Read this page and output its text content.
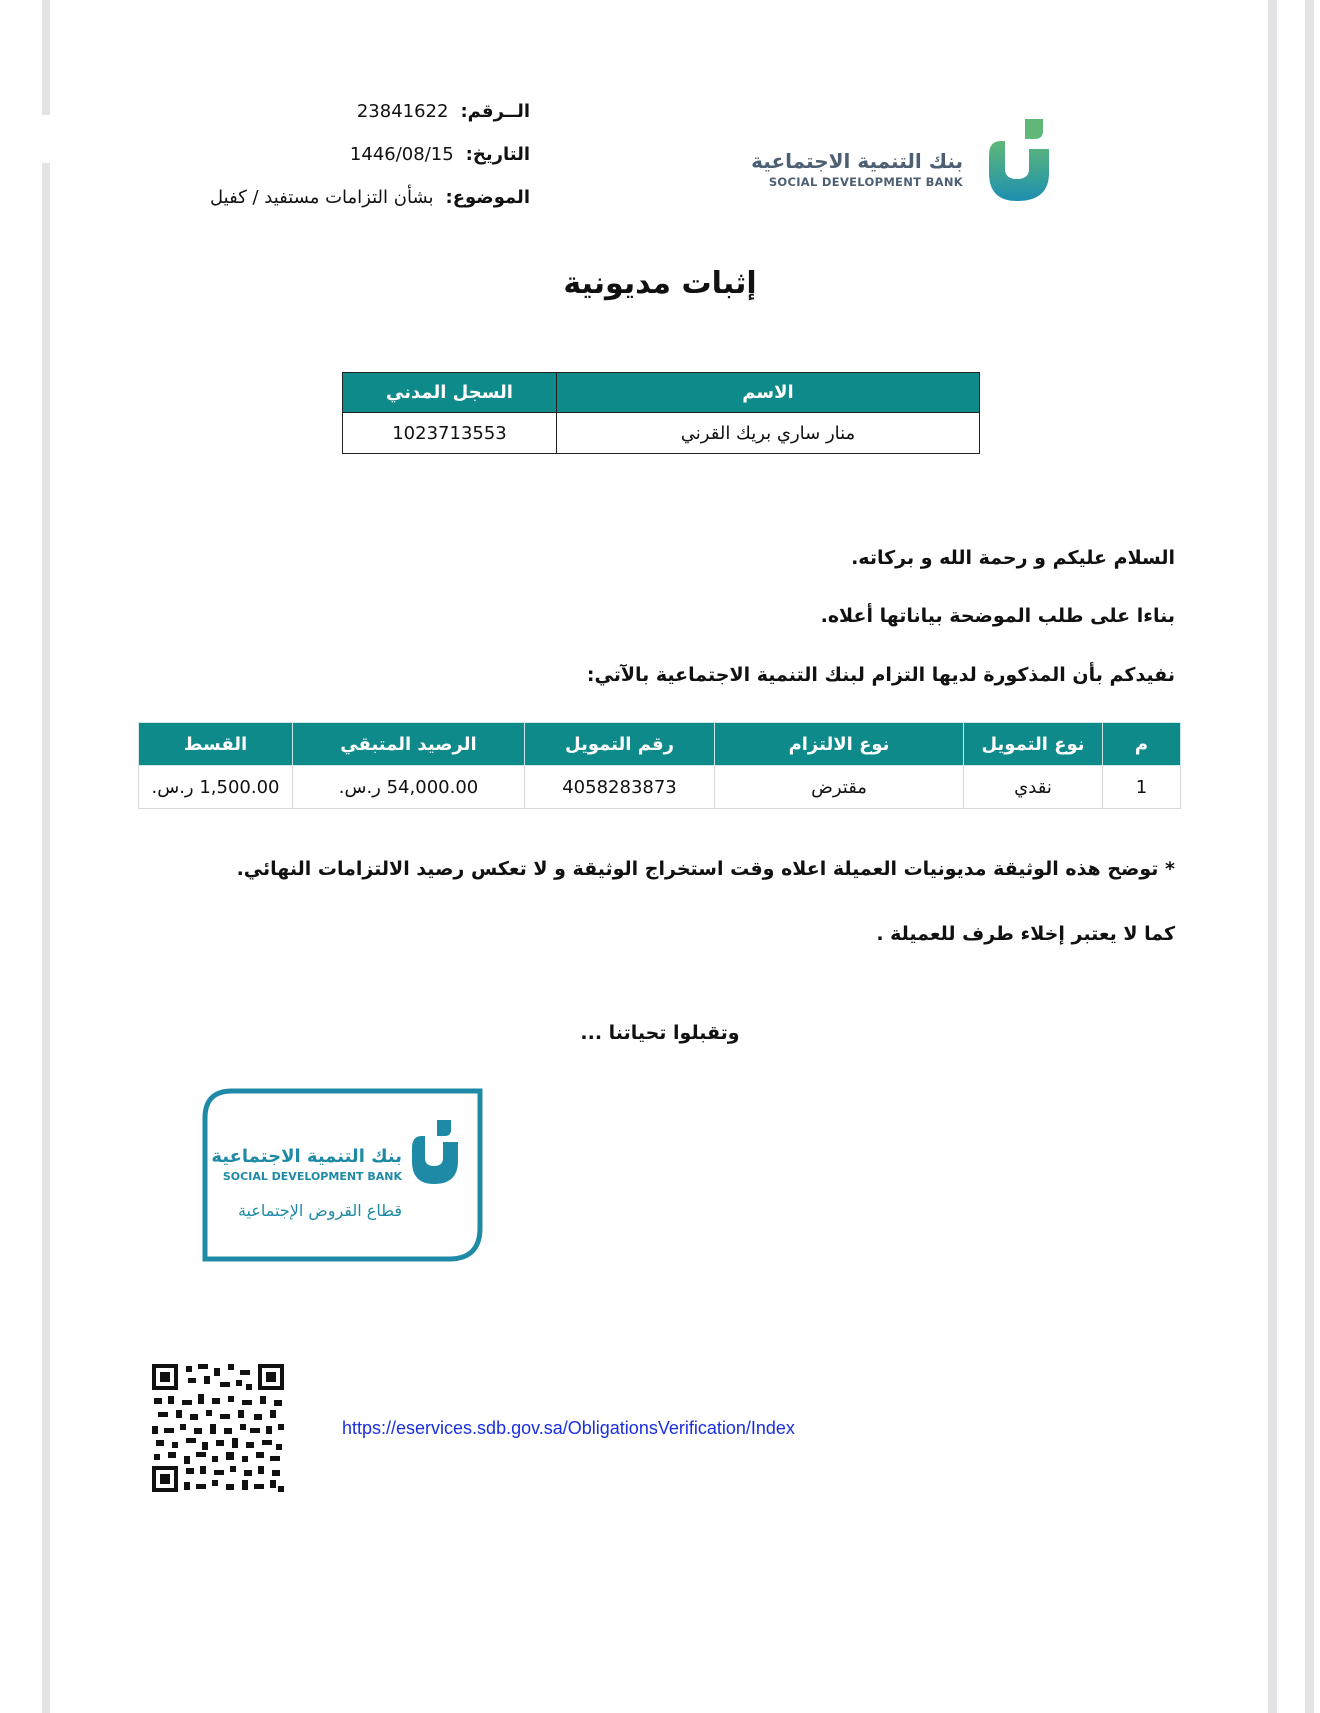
الــرقم:
23841622
التاريخ:
1446/08/15
الموضوع:
بشأن التزامات مستفيد / كفيل
بنك التنمية الاجتماعية
SOCIAL DEVELOPMENT BANK
إثبات مديونية
الاسم	السجل المدني
منار ساري بريك القرني	1023713553
السلام عليكم و رحمة الله و بركاته.
بناءا على طلب الموضحة بياناتها أعلاه.
نفيدكم بأن المذكورة لديها التزام لبنك التنمية الاجتماعية بالآتي:
م	نوع التمويل	نوع الالتزام	رقم التمويل	الرصيد المتبقي	القسط
1	نقدي	مقترض	4058283873	54,000.00 ر.س.	1,500.00 ر.س.
* توضح هذه الوثيقة مديونيات العميلة اعلاه وقت استخراج الوثيقة و لا تعكس رصيد الالتزامات النهائي.
كما لا يعتبر إخلاء طرف للعميلة .
وتقبلوا تحياتنا ...
بنك التنمية الاجتماعية
SOCIAL DEVELOPMENT BANK
قطاع القروض الإجتماعية
https://eservices.sdb.gov.sa/ObligationsVerification/Index
